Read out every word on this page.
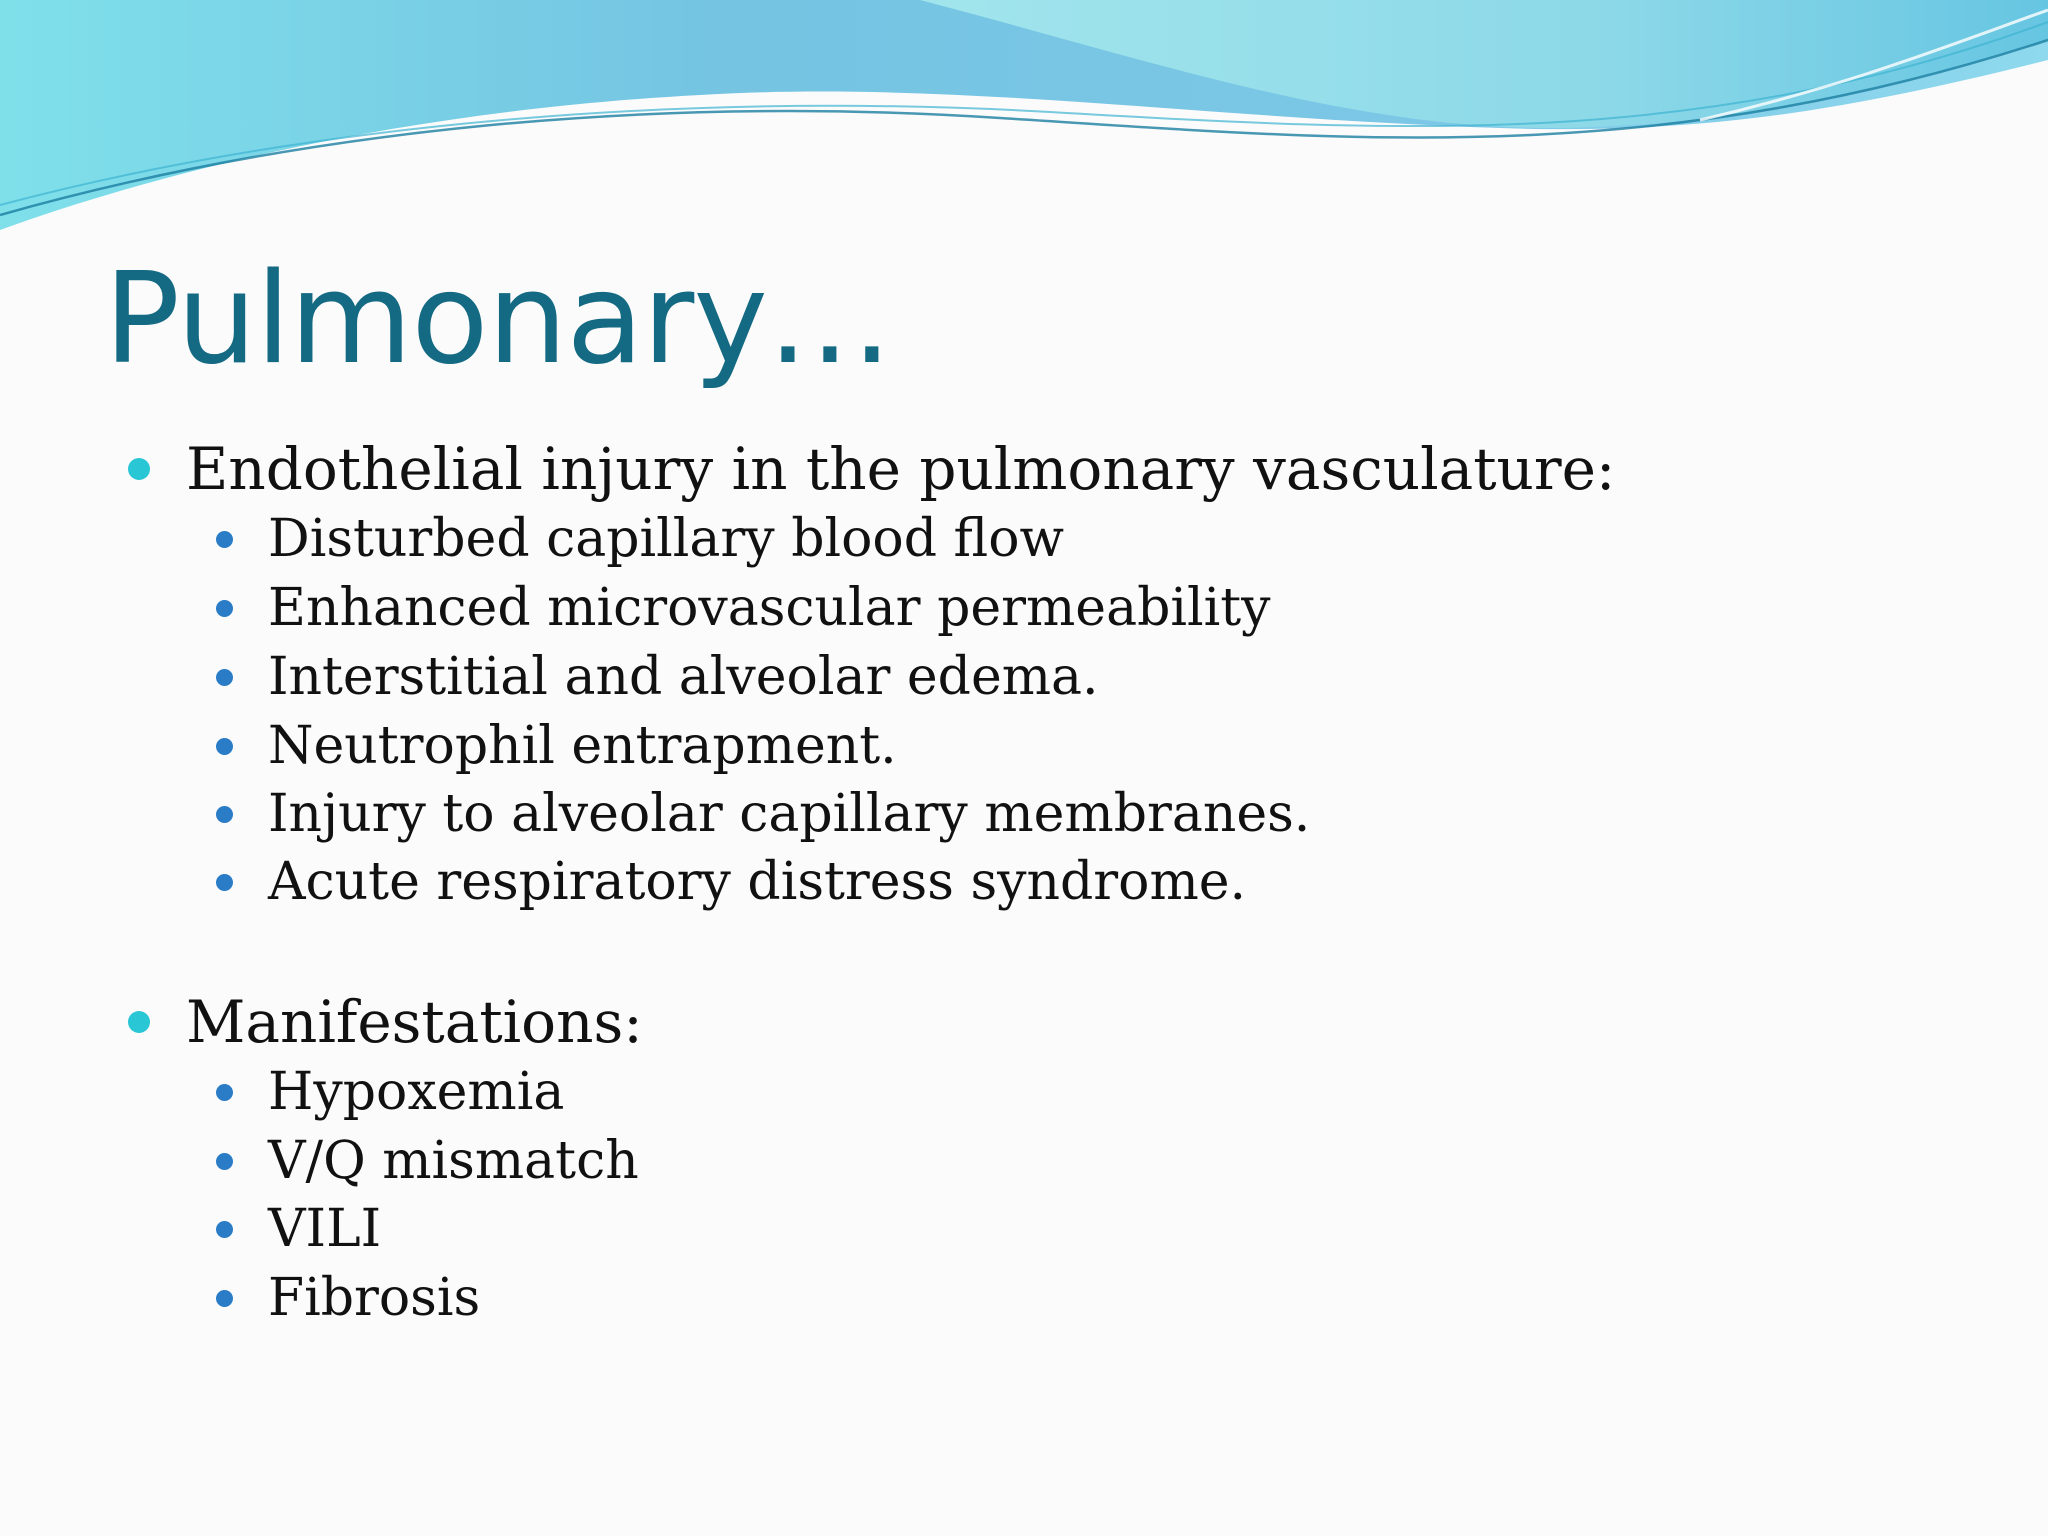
Pulmonary…
Endothelial injury in the pulmonary vasculature:
Disturbed capillary blood flow
Enhanced microvascular permeability
Interstitial and alveolar edema.
Neutrophil entrapment.
Injury to alveolar capillary membranes.
Acute respiratory distress syndrome.
Manifestations:
Hypoxemia
V/Q mismatch
VILI
Fibrosis
